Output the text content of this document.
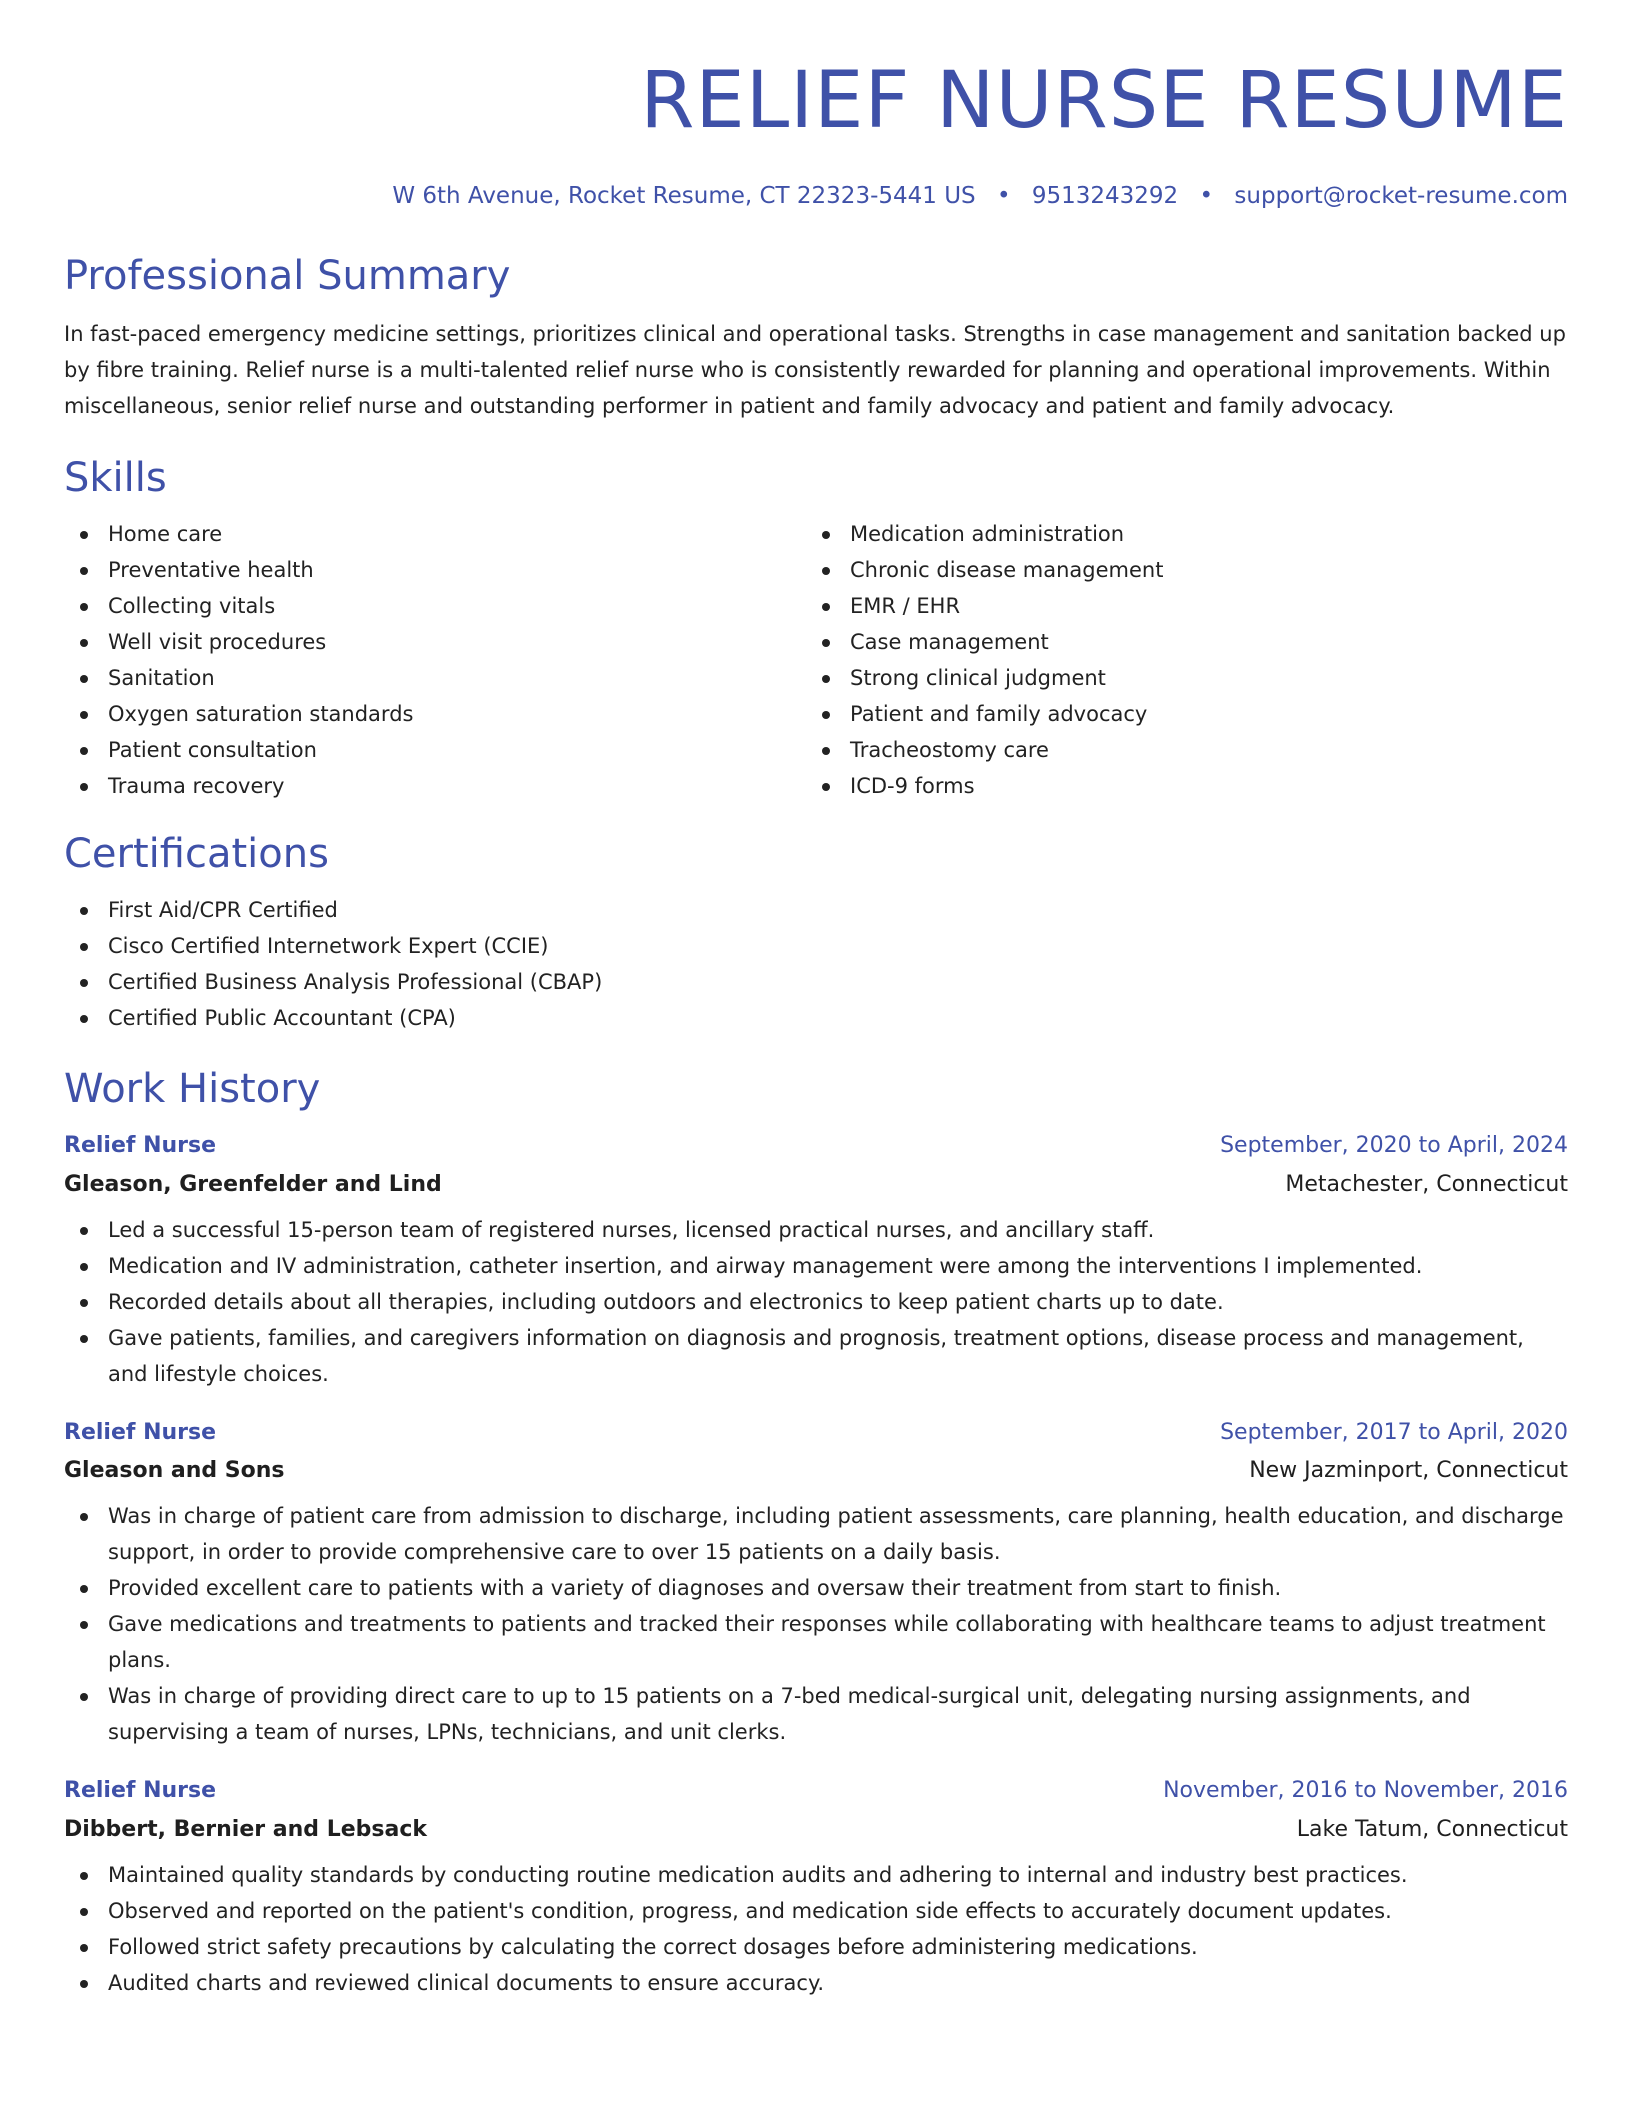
RELIEF NURSE RESUME
W 6th Avenue, Rocket Resume, CT 22323-5441 US • 9513243292 • support@rocket-resume.com
Professional Summary

In fast-paced emergency medicine settings, prioritizes clinical and operational tasks. Strengths in case management and sanitation backed up by fibre training. Relief nurse is a multi-talented relief nurse who is consistently rewarded for planning and operational improvements. Within miscellaneous, senior relief nurse and outstanding performer in patient and family advocacy and patient and family advocacy.

Skills
Home care
Preventative health
Collecting vitals
Well visit procedures
Sanitation
Oxygen saturation standards
Patient consultation
Trauma recovery
Medication administration
Chronic disease management
EMR / EHR
Case management
Strong clinical judgment
Patient and family advocacy
Tracheostomy care
ICD-9 forms
Certifications
First Aid/CPR Certified
Cisco Certified Internetwork Expert (CCIE)
Certified Business Analysis Professional (CBAP)
Certified Public Accountant (CPA)
Work History
Relief Nurse	September, 2020 to April, 2024
Gleason, Greenfelder and Lind	Metachester, Connecticut
Led a successful 15-person team of registered nurses, licensed practical nurses, and ancillary staff.
Medication and IV administration, catheter insertion, and airway management were among the interventions I implemented.
Recorded details about all therapies, including outdoors and electronics to keep patient charts up to date.
Gave patients, families, and caregivers information on diagnosis and prognosis, treatment options, disease process and management, and lifestyle choices.
Relief Nurse	September, 2017 to April, 2020
Gleason and Sons	New Jazminport, Connecticut
Was in charge of patient care from admission to discharge, including patient assessments, care planning, health education, and discharge support, in order to provide comprehensive care to over 15 patients on a daily basis.
Provided excellent care to patients with a variety of diagnoses and oversaw their treatment from start to finish.
Gave medications and treatments to patients and tracked their responses while collaborating with healthcare teams to adjust treatment plans.
Was in charge of providing direct care to up to 15 patients on a 7-bed medical-surgical unit, delegating nursing assignments, and supervising a team of nurses, LPNs, technicians, and unit clerks.
Relief Nurse	November, 2016 to November, 2016
Dibbert, Bernier and Lebsack	Lake Tatum, Connecticut
Maintained quality standards by conducting routine medication audits and adhering to internal and industry best practices.
Observed and reported on the patient's condition, progress, and medication side effects to accurately document updates.
Followed strict safety precautions by calculating the correct dosages before administering medications.
Audited charts and reviewed clinical documents to ensure accuracy.
